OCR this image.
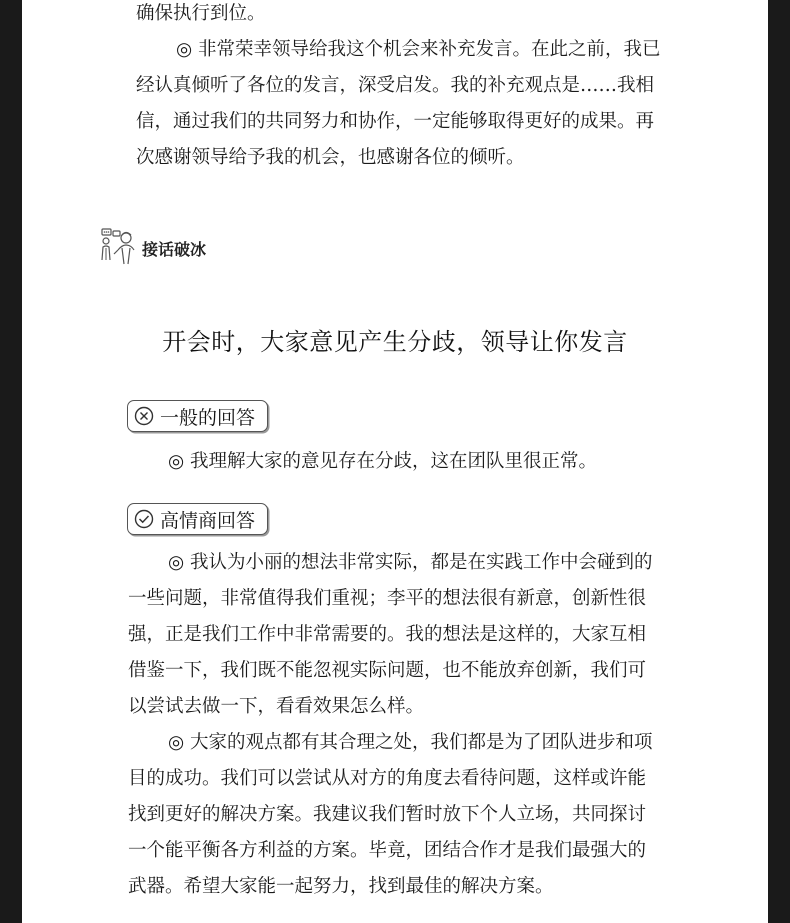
确保执行到位。
◎ 非常荣幸领导给我这个机会来补充发言。在此之前，我已
经认真倾听了各位的发言，深受启发。我的补充观点是……我相
信，通过我们的共同努力和协作，一定能够取得更好的成果。再
次感谢领导给予我的机会，也感谢各位的倾听。
接话破冰
开会时，大家意见产生分歧，领导让你发言
一般的回答
◎ 我理解大家的意见存在分歧，这在团队里很正常。
高情商回答
◎ 我认为小丽的想法非常实际，都是在实践工作中会碰到的
一些问题，非常值得我们重视；李平的想法很有新意，创新性很
强，正是我们工作中非常需要的。我的想法是这样的，大家互相
借鉴一下，我们既不能忽视实际问题，也不能放弃创新，我们可
以尝试去做一下，看看效果怎么样。
◎ 大家的观点都有其合理之处，我们都是为了团队进步和项
目的成功。我们可以尝试从对方的角度去看待问题，这样或许能
找到更好的解决方案。我建议我们暂时放下个人立场，共同探讨
一个能平衡各方利益的方案。毕竟，团结合作才是我们最强大的
武器。希望大家能一起努力，找到最佳的解决方案。
